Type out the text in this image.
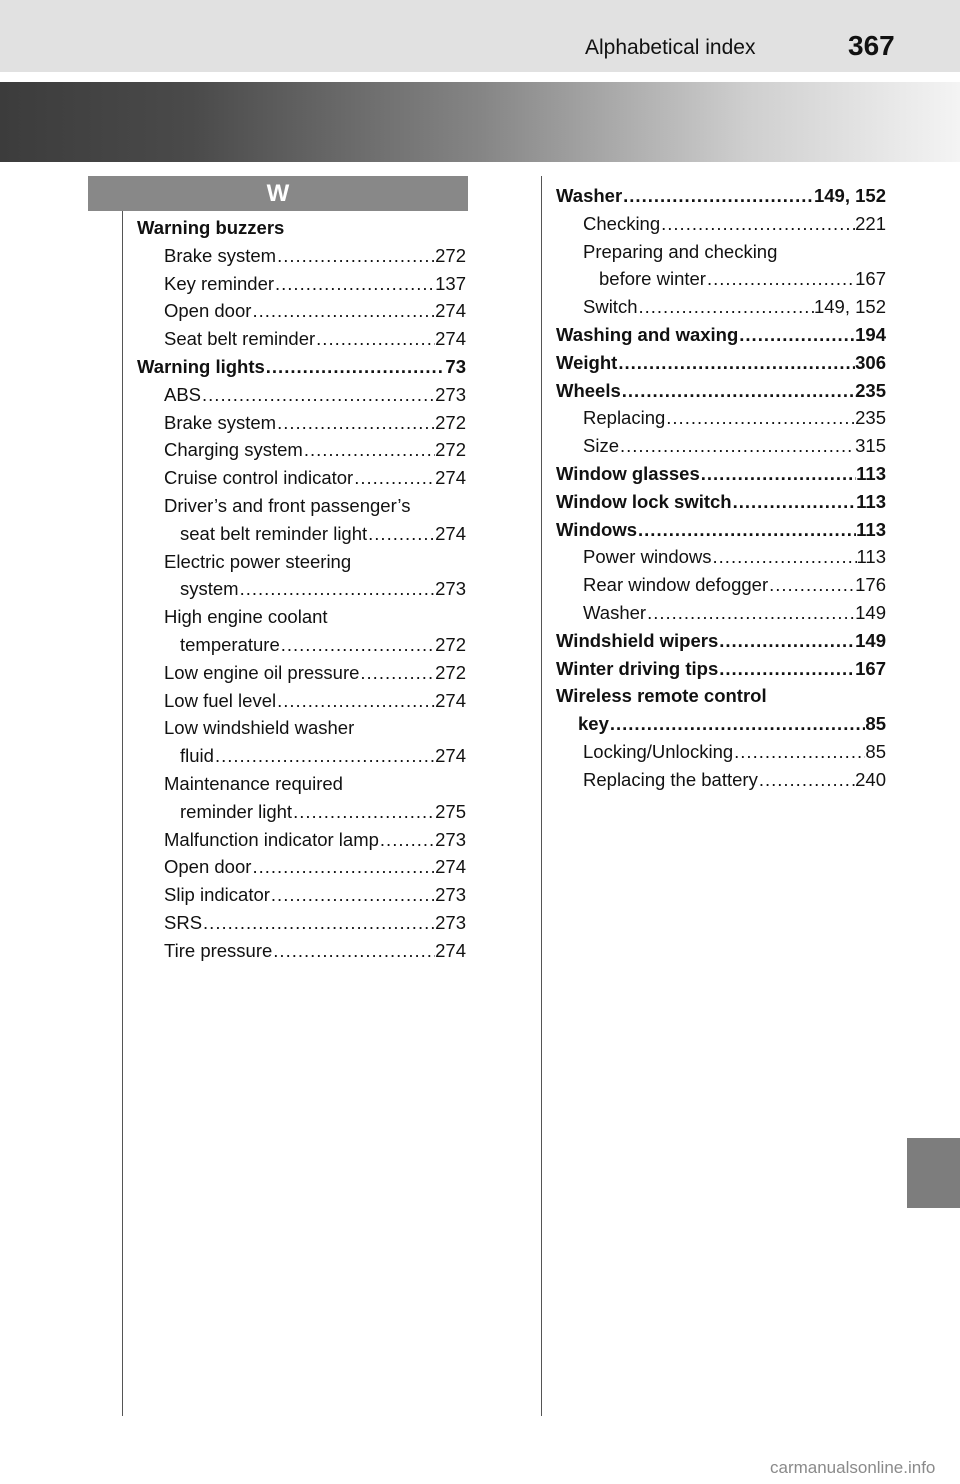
Alphabetical index	367
W
Warning buzzers
Brake system .....	272
Key reminder .....	137
Open door .....	274
Seat belt reminder .....	274
Warning lights .....	73
ABS .....	273
Brake system .....	272
Charging system .....	272
Cruise control indicator .....	274
Driver’s and front passenger’s
seat belt reminder light .....	274
Electric power steering
system .....	273
High engine coolant
temperature .....	272
Low engine oil pressure .....	272
Low fuel level .....	274
Low windshield washer
fluid .....	274
Maintenance required
reminder light .....	275
Malfunction indicator lamp .....	273
Open door .....	274
Slip indicator .....	273
SRS .....	273
Tire pressure .....	274
Washer .....	149, 152
Checking .....	221
Preparing and checking
before winter .....	167
Switch .....	149, 152
Washing and waxing .....	194
Weight .....	306
Wheels .....	235
Replacing .....	235
Size .....	315
Window glasses .....	113
Window lock switch .....	113
Windows .....	113
Power windows .....	113
Rear window defogger .....	176
Washer .....	149
Windshield wipers .....	149
Winter driving tips .....	167
Wireless remote control
key .....	85
Locking/Unlocking .....	85
Replacing the battery .....	240
carmanualsonline.info
